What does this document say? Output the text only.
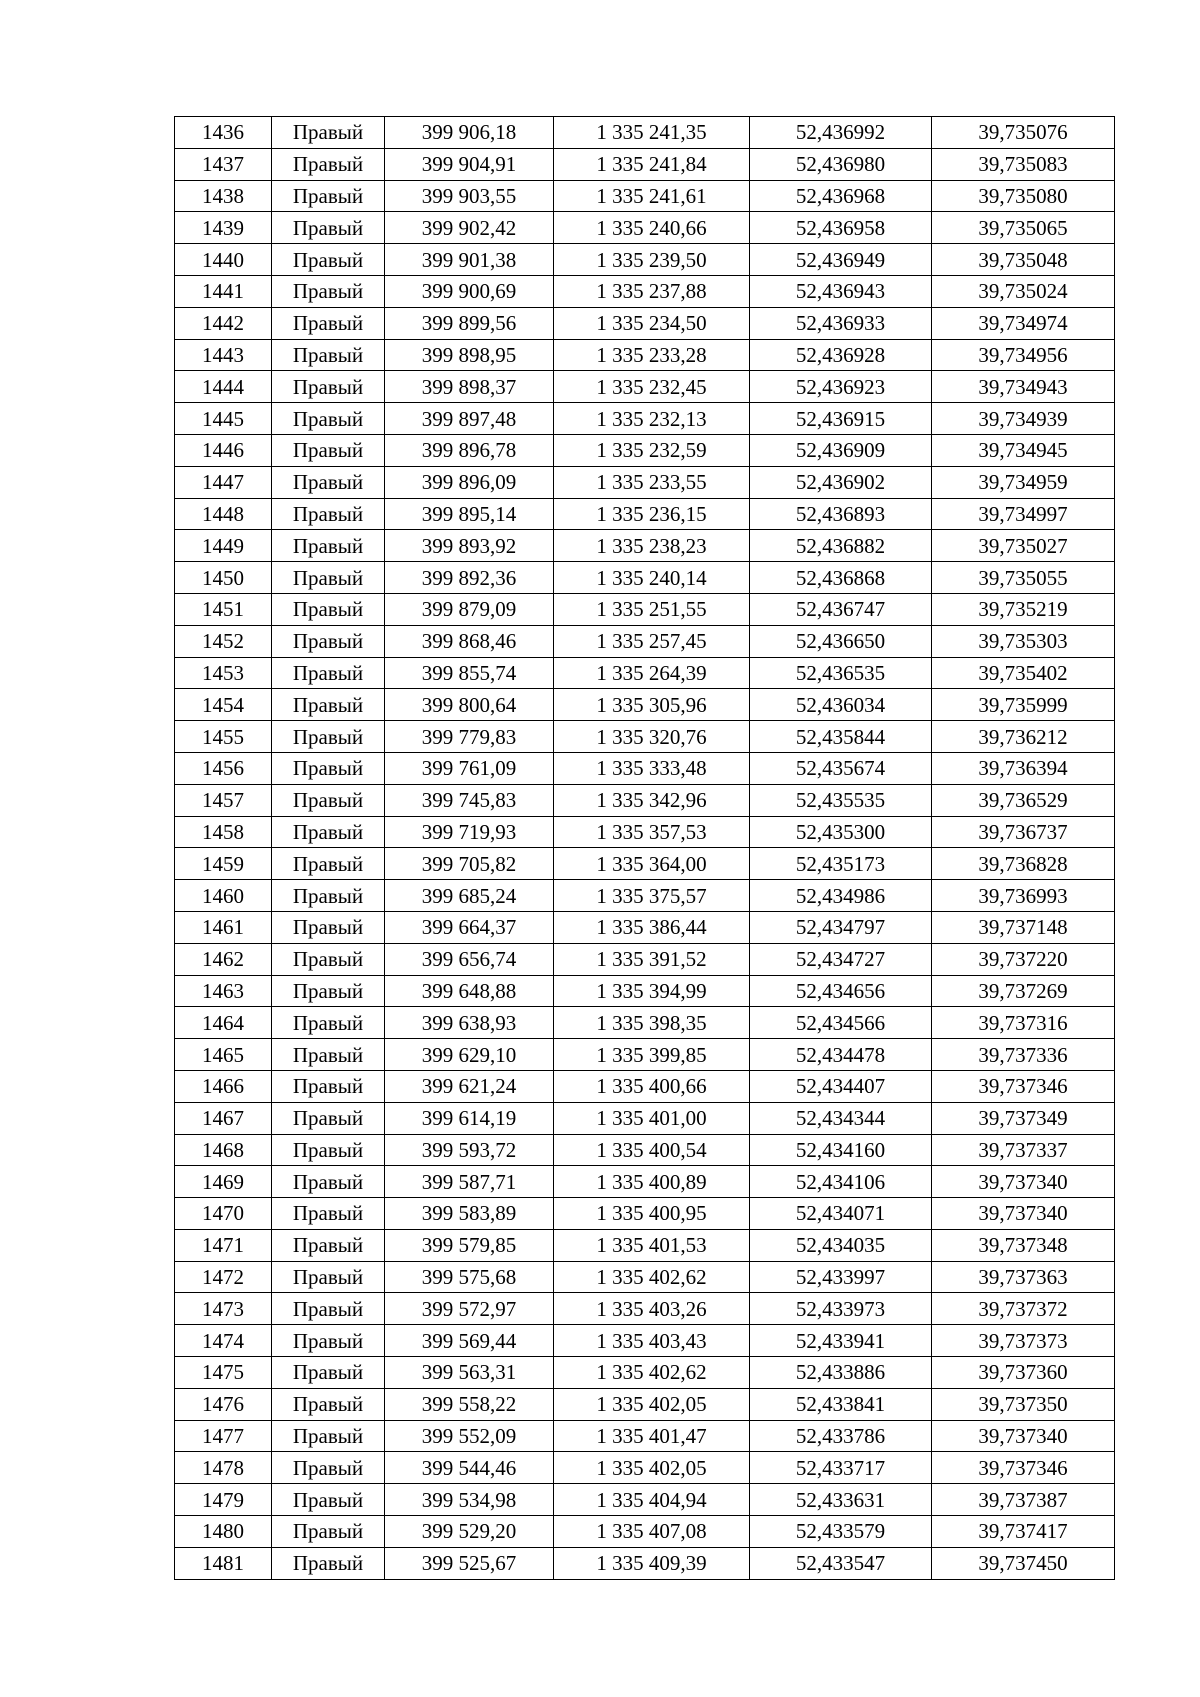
1436	Правый	399 906,18	1 335 241,35	52,436992	39,735076
1437	Правый	399 904,91	1 335 241,84	52,436980	39,735083
1438	Правый	399 903,55	1 335 241,61	52,436968	39,735080
1439	Правый	399 902,42	1 335 240,66	52,436958	39,735065
1440	Правый	399 901,38	1 335 239,50	52,436949	39,735048
1441	Правый	399 900,69	1 335 237,88	52,436943	39,735024
1442	Правый	399 899,56	1 335 234,50	52,436933	39,734974
1443	Правый	399 898,95	1 335 233,28	52,436928	39,734956
1444	Правый	399 898,37	1 335 232,45	52,436923	39,734943
1445	Правый	399 897,48	1 335 232,13	52,436915	39,734939
1446	Правый	399 896,78	1 335 232,59	52,436909	39,734945
1447	Правый	399 896,09	1 335 233,55	52,436902	39,734959
1448	Правый	399 895,14	1 335 236,15	52,436893	39,734997
1449	Правый	399 893,92	1 335 238,23	52,436882	39,735027
1450	Правый	399 892,36	1 335 240,14	52,436868	39,735055
1451	Правый	399 879,09	1 335 251,55	52,436747	39,735219
1452	Правый	399 868,46	1 335 257,45	52,436650	39,735303
1453	Правый	399 855,74	1 335 264,39	52,436535	39,735402
1454	Правый	399 800,64	1 335 305,96	52,436034	39,735999
1455	Правый	399 779,83	1 335 320,76	52,435844	39,736212
1456	Правый	399 761,09	1 335 333,48	52,435674	39,736394
1457	Правый	399 745,83	1 335 342,96	52,435535	39,736529
1458	Правый	399 719,93	1 335 357,53	52,435300	39,736737
1459	Правый	399 705,82	1 335 364,00	52,435173	39,736828
1460	Правый	399 685,24	1 335 375,57	52,434986	39,736993
1461	Правый	399 664,37	1 335 386,44	52,434797	39,737148
1462	Правый	399 656,74	1 335 391,52	52,434727	39,737220
1463	Правый	399 648,88	1 335 394,99	52,434656	39,737269
1464	Правый	399 638,93	1 335 398,35	52,434566	39,737316
1465	Правый	399 629,10	1 335 399,85	52,434478	39,737336
1466	Правый	399 621,24	1 335 400,66	52,434407	39,737346
1467	Правый	399 614,19	1 335 401,00	52,434344	39,737349
1468	Правый	399 593,72	1 335 400,54	52,434160	39,737337
1469	Правый	399 587,71	1 335 400,89	52,434106	39,737340
1470	Правый	399 583,89	1 335 400,95	52,434071	39,737340
1471	Правый	399 579,85	1 335 401,53	52,434035	39,737348
1472	Правый	399 575,68	1 335 402,62	52,433997	39,737363
1473	Правый	399 572,97	1 335 403,26	52,433973	39,737372
1474	Правый	399 569,44	1 335 403,43	52,433941	39,737373
1475	Правый	399 563,31	1 335 402,62	52,433886	39,737360
1476	Правый	399 558,22	1 335 402,05	52,433841	39,737350
1477	Правый	399 552,09	1 335 401,47	52,433786	39,737340
1478	Правый	399 544,46	1 335 402,05	52,433717	39,737346
1479	Правый	399 534,98	1 335 404,94	52,433631	39,737387
1480	Правый	399 529,20	1 335 407,08	52,433579	39,737417
1481	Правый	399 525,67	1 335 409,39	52,433547	39,737450
